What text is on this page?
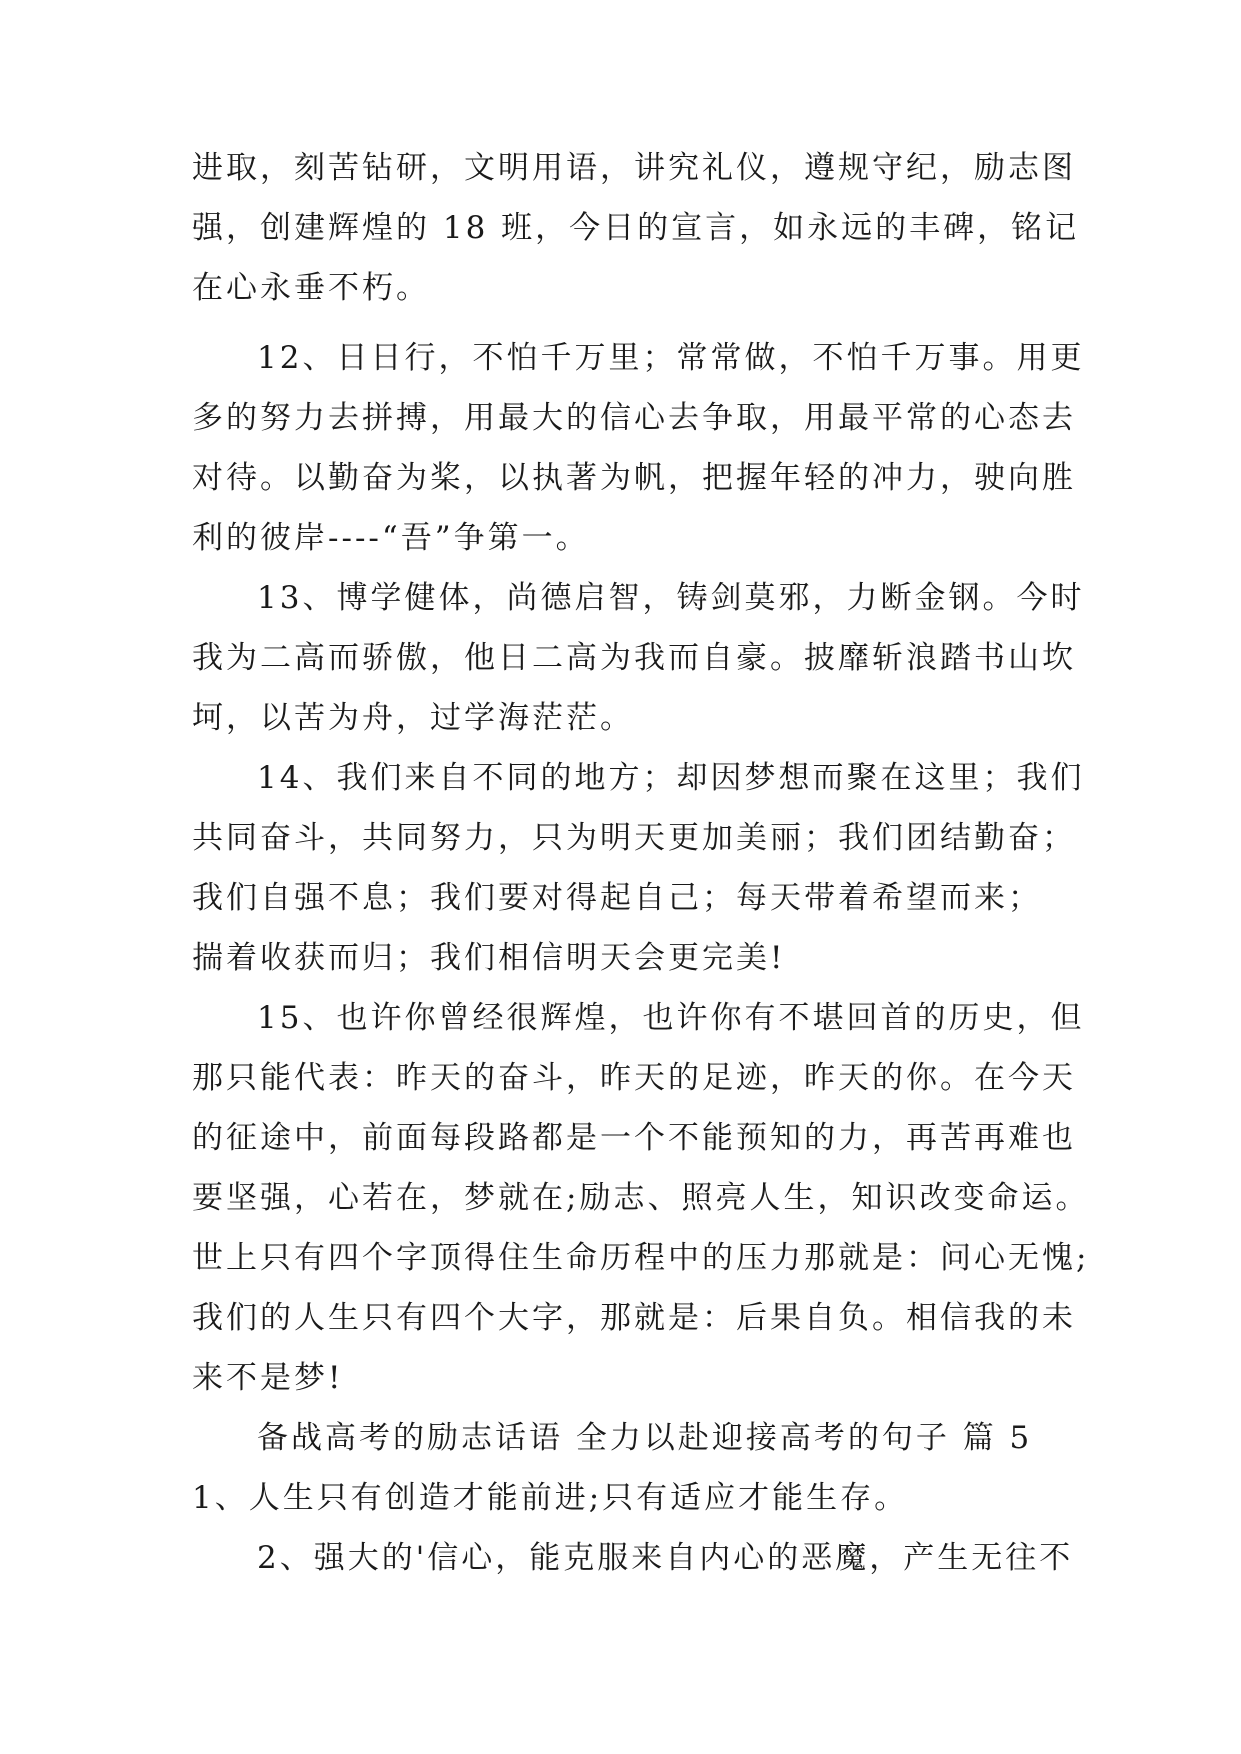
进取，刻苦钻研，文明用语，讲究礼仪，遵规守纪，励志图
强，创建辉煌的 18 班，今日的宣言，如永远的丰碑，铭记
在心永垂不朽。
12、日日行，不怕千万里；常常做，不怕千万事。用更
多的努力去拼搏，用最大的信心去争取，用最平常的心态去
对待。以勤奋为桨，以执著为帆，把握年轻的冲力，驶向胜
利的彼岸----“吾”争第一。
13、博学健体，尚德启智，铸剑莫邪，力断金钢。今时
我为二高而骄傲，他日二高为我而自豪。披靡斩浪踏书山坎
坷，以苦为舟，过学海茫茫。
14、我们来自不同的地方；却因梦想而聚在这里；我们
共同奋斗，共同努力，只为明天更加美丽；我们团结勤奋；
我们自强不息；我们要对得起自己；每天带着希望而来；
揣着收获而归；我们相信明天会更完美!
15、也许你曾经很辉煌，也许你有不堪回首的历史，但
那只能代表：昨天的奋斗，昨天的足迹，昨天的你。在今天
的征途中，前面每段路都是一个不能预知的力，再苦再难也
要坚强，心若在，梦就在;励志、照亮人生，知识改变命运。
世上只有四个字顶得住生命历程中的压力那就是：问心无愧;
我们的人生只有四个大字，那就是：后果自负。相信我的未
来不是梦!
备战高考的励志话语 全力以赴迎接高考的句子 篇 5
1、人生只有创造才能前进;只有适应才能生存。
2、强大的'信心，能克服来自内心的恶魔，产生无往不
